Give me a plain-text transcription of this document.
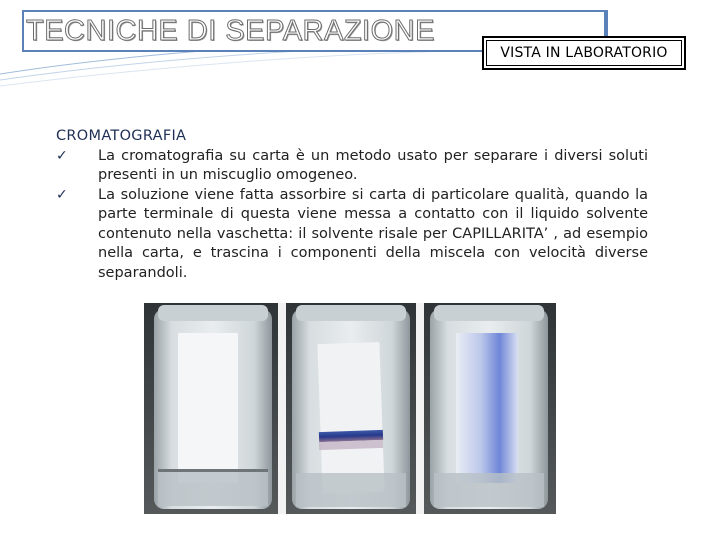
TECNICHE DI SEPARAZIONE
VISTA IN LABORATORIO
CROMATOGRAFIA
✓ La cromatografia su carta è un metodo usato per separare i diversi soluti presenti in un miscuglio omogeneo.
✓ La soluzione viene fatta assorbire si carta di particolare qualità, quando la parte terminale di questa viene messa a contatto con il liquido solvente contenuto nella vaschetta: il solvente risale per CAPILLARITA’ , ad esempio nella carta, e trascina i componenti della miscela con velocità diverse separandoli.
